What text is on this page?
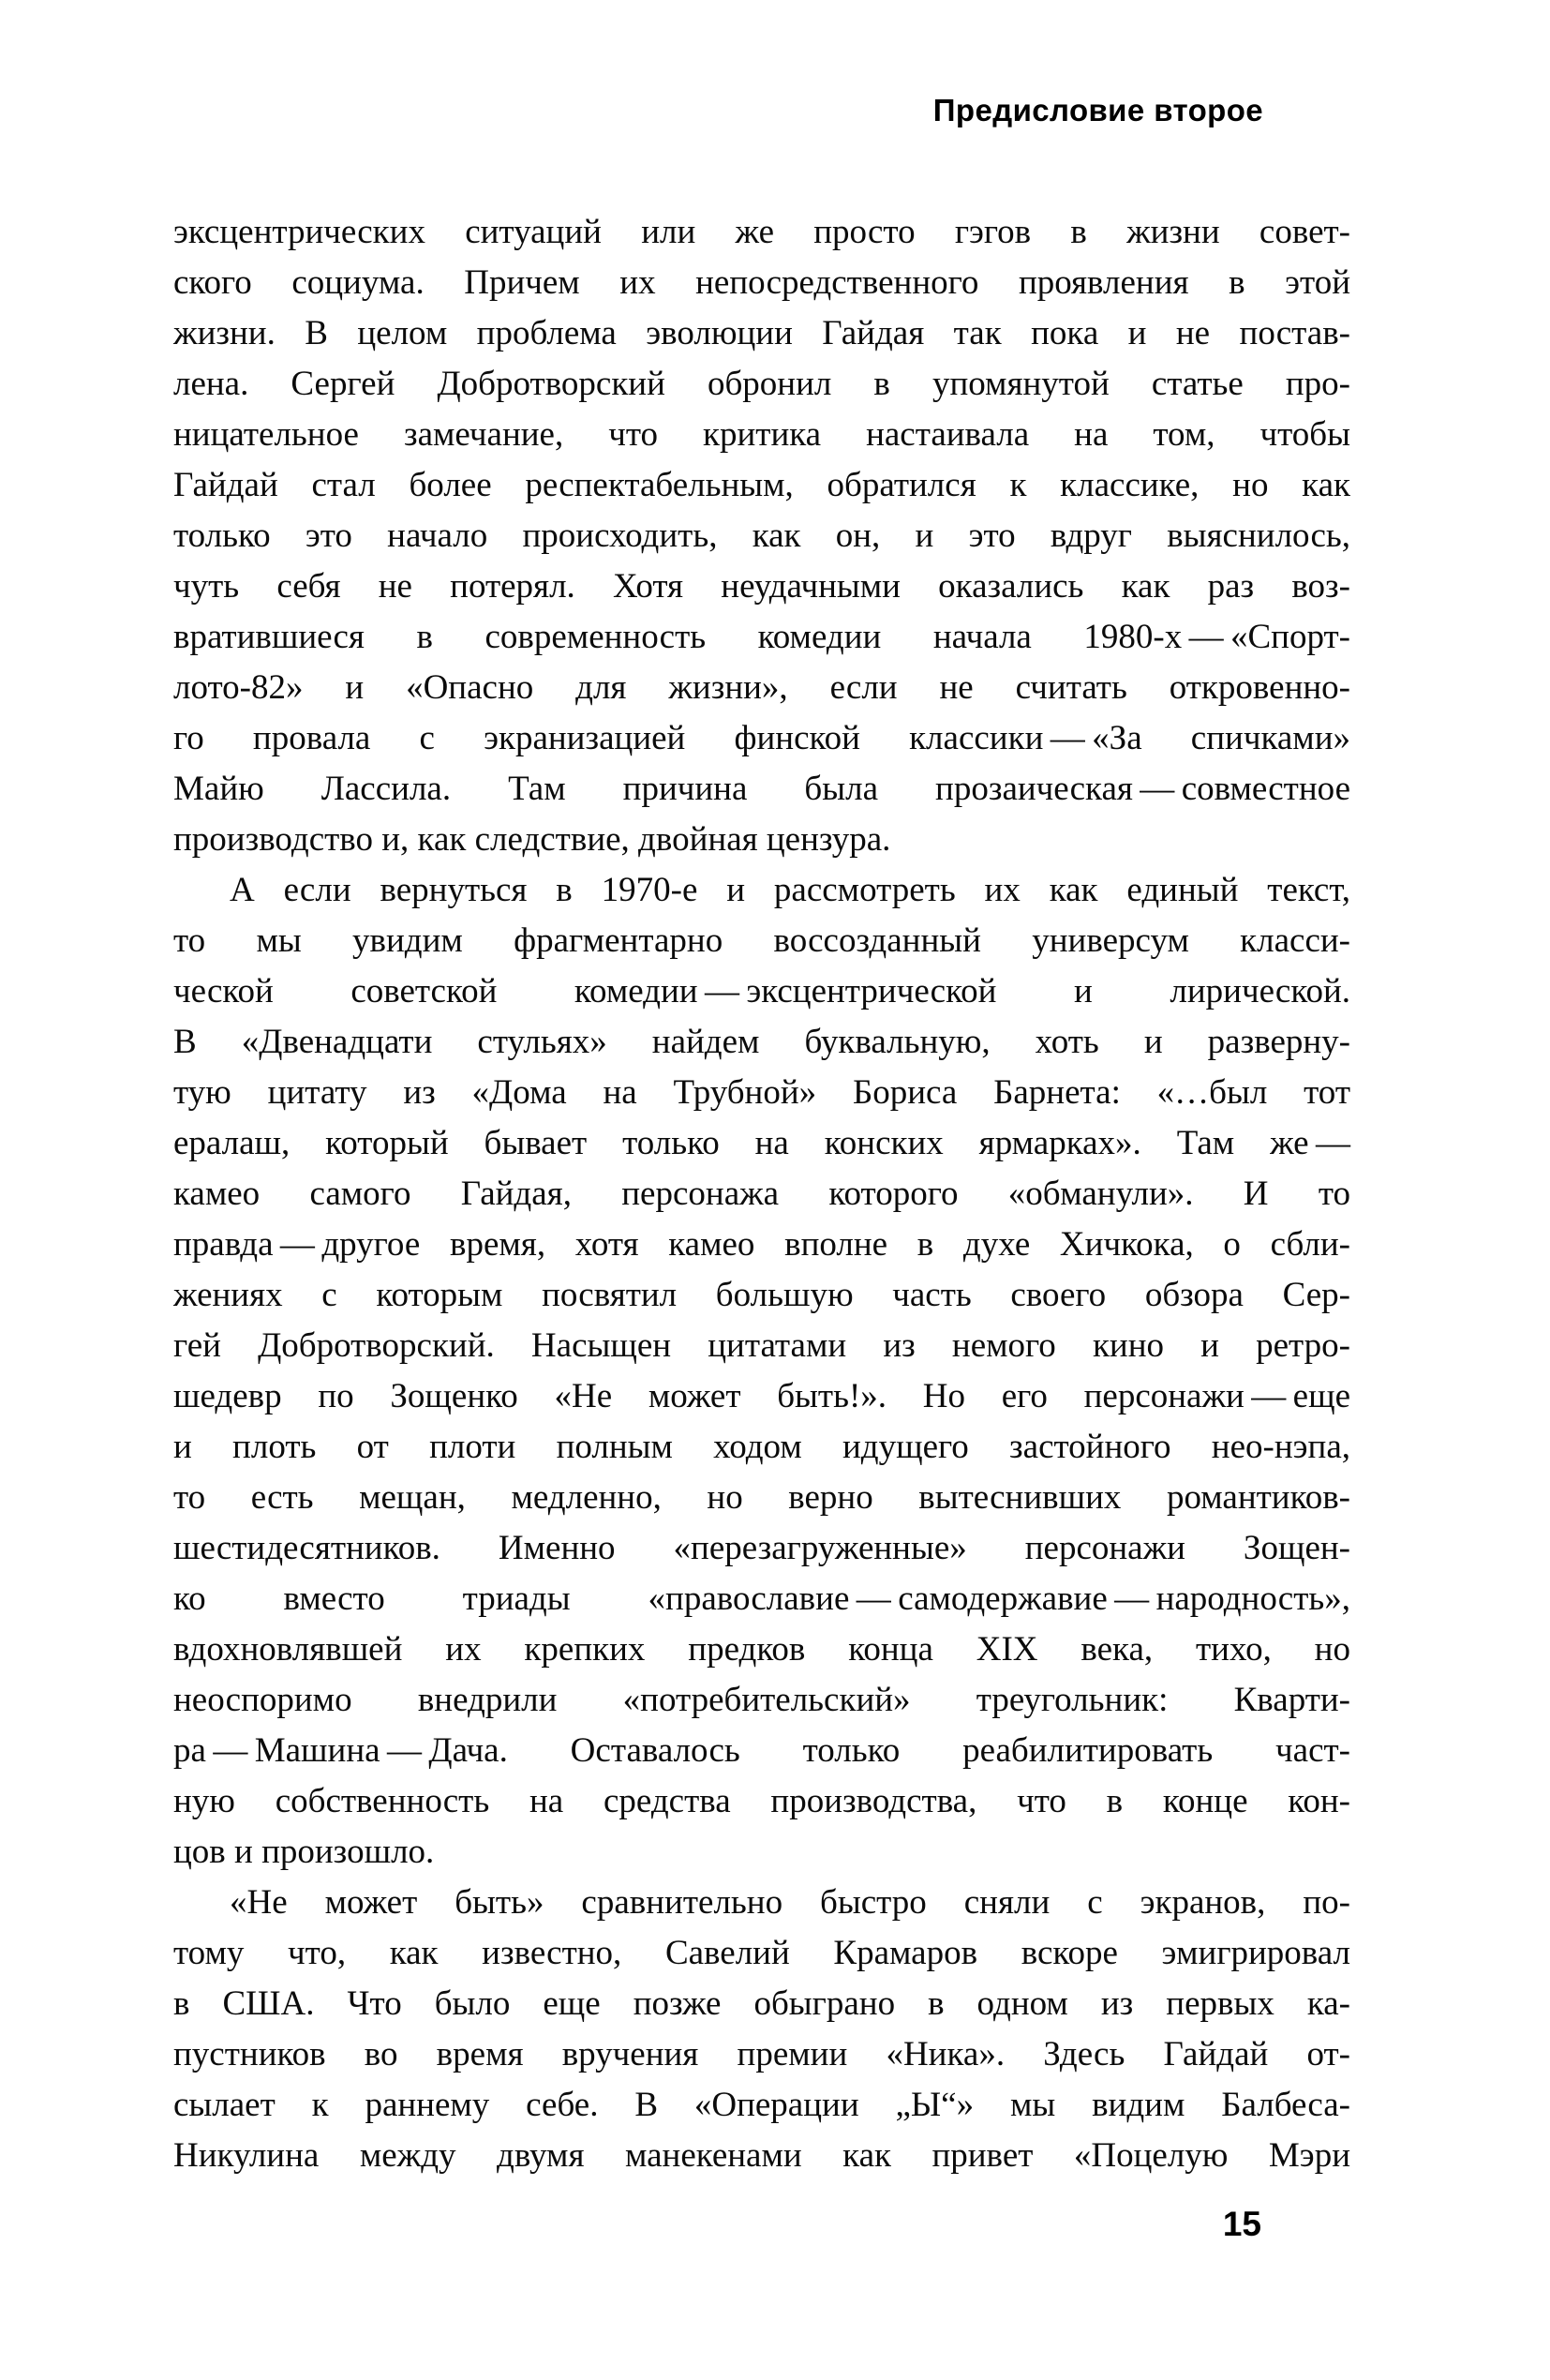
Предисловие второе
эксцентрических ситуаций или же просто гэгов в жизни совет-
ского социума. Причем их непосредственного проявления в этой
жизни. В целом проблема эволюции Гайдая так пока и не постав-
лена. Сергей Добротворский обронил в упомянутой статье про-
ницательное замечание, что критика настаивала на том, чтобы
Гайдай стал более респектабельным, обратился к классике, но как
только это начало происходить, как он, и это вдруг выяснилось,
чуть себя не потерял. Хотя неудачными оказались как раз воз-
вратившиеся в современность комедии начала 1980-х — «Спорт-
лото-82» и «Опасно для жизни», если не считать откровенно-
го провала с экранизацией финской классики — «За спичками»
Майю Лассила. Там причина была прозаическая — совместное
производство и, как следствие, двойная цензура.
А если вернуться в 1970-е и рассмотреть их как единый текст,
то мы увидим фрагментарно воссозданный универсум класси-
ческой советской комедии — эксцентрической и лирической.
В «Двенадцати стульях» найдем буквальную, хоть и разверну-
тую цитату из «Дома на Трубной» Бориса Барнета: «…был тот
ералаш, который бывает только на конских ярмарках». Там же —
камео самого Гайдая, персонажа которого «обманули». И то
правда — другое время, хотя камео вполне в духе Хичкока, о сбли-
жениях с которым посвятил большую часть своего обзора Сер-
гей Добротворский. Насыщен цитатами из немого кино и ретро-
шедевр по Зощенко «Не может быть!». Но его персонажи — еще
и плоть от плоти полным ходом идущего застойного нео-нэпа,
то есть мещан, медленно, но верно вытеснивших романтиков-
шестидесятников. Именно «перезагруженные» персонажи Зощен-
ко вместо триады «православие — самодержавие — народность»,
вдохновлявшей их крепких предков конца XIX века, тихо, но
неоспоримо внедрили «потребительский» треугольник: Кварти-
ра — Машина — Дача. Оставалось только реабилитировать част-
ную собственность на средства производства, что в конце кон-
цов и произошло.
«Не может быть» сравнительно быстро сняли с экранов, по-
тому что, как известно, Савелий Крамаров вскоре эмигрировал
в США. Что было еще позже обыграно в одном из первых ка-
пустников во время вручения премии «Ника». Здесь Гайдай от-
сылает к раннему себе. В «Операции „Ы“» мы видим Балбеса-
Никулина между двумя манекенами как привет «Поцелую Мэри
15
